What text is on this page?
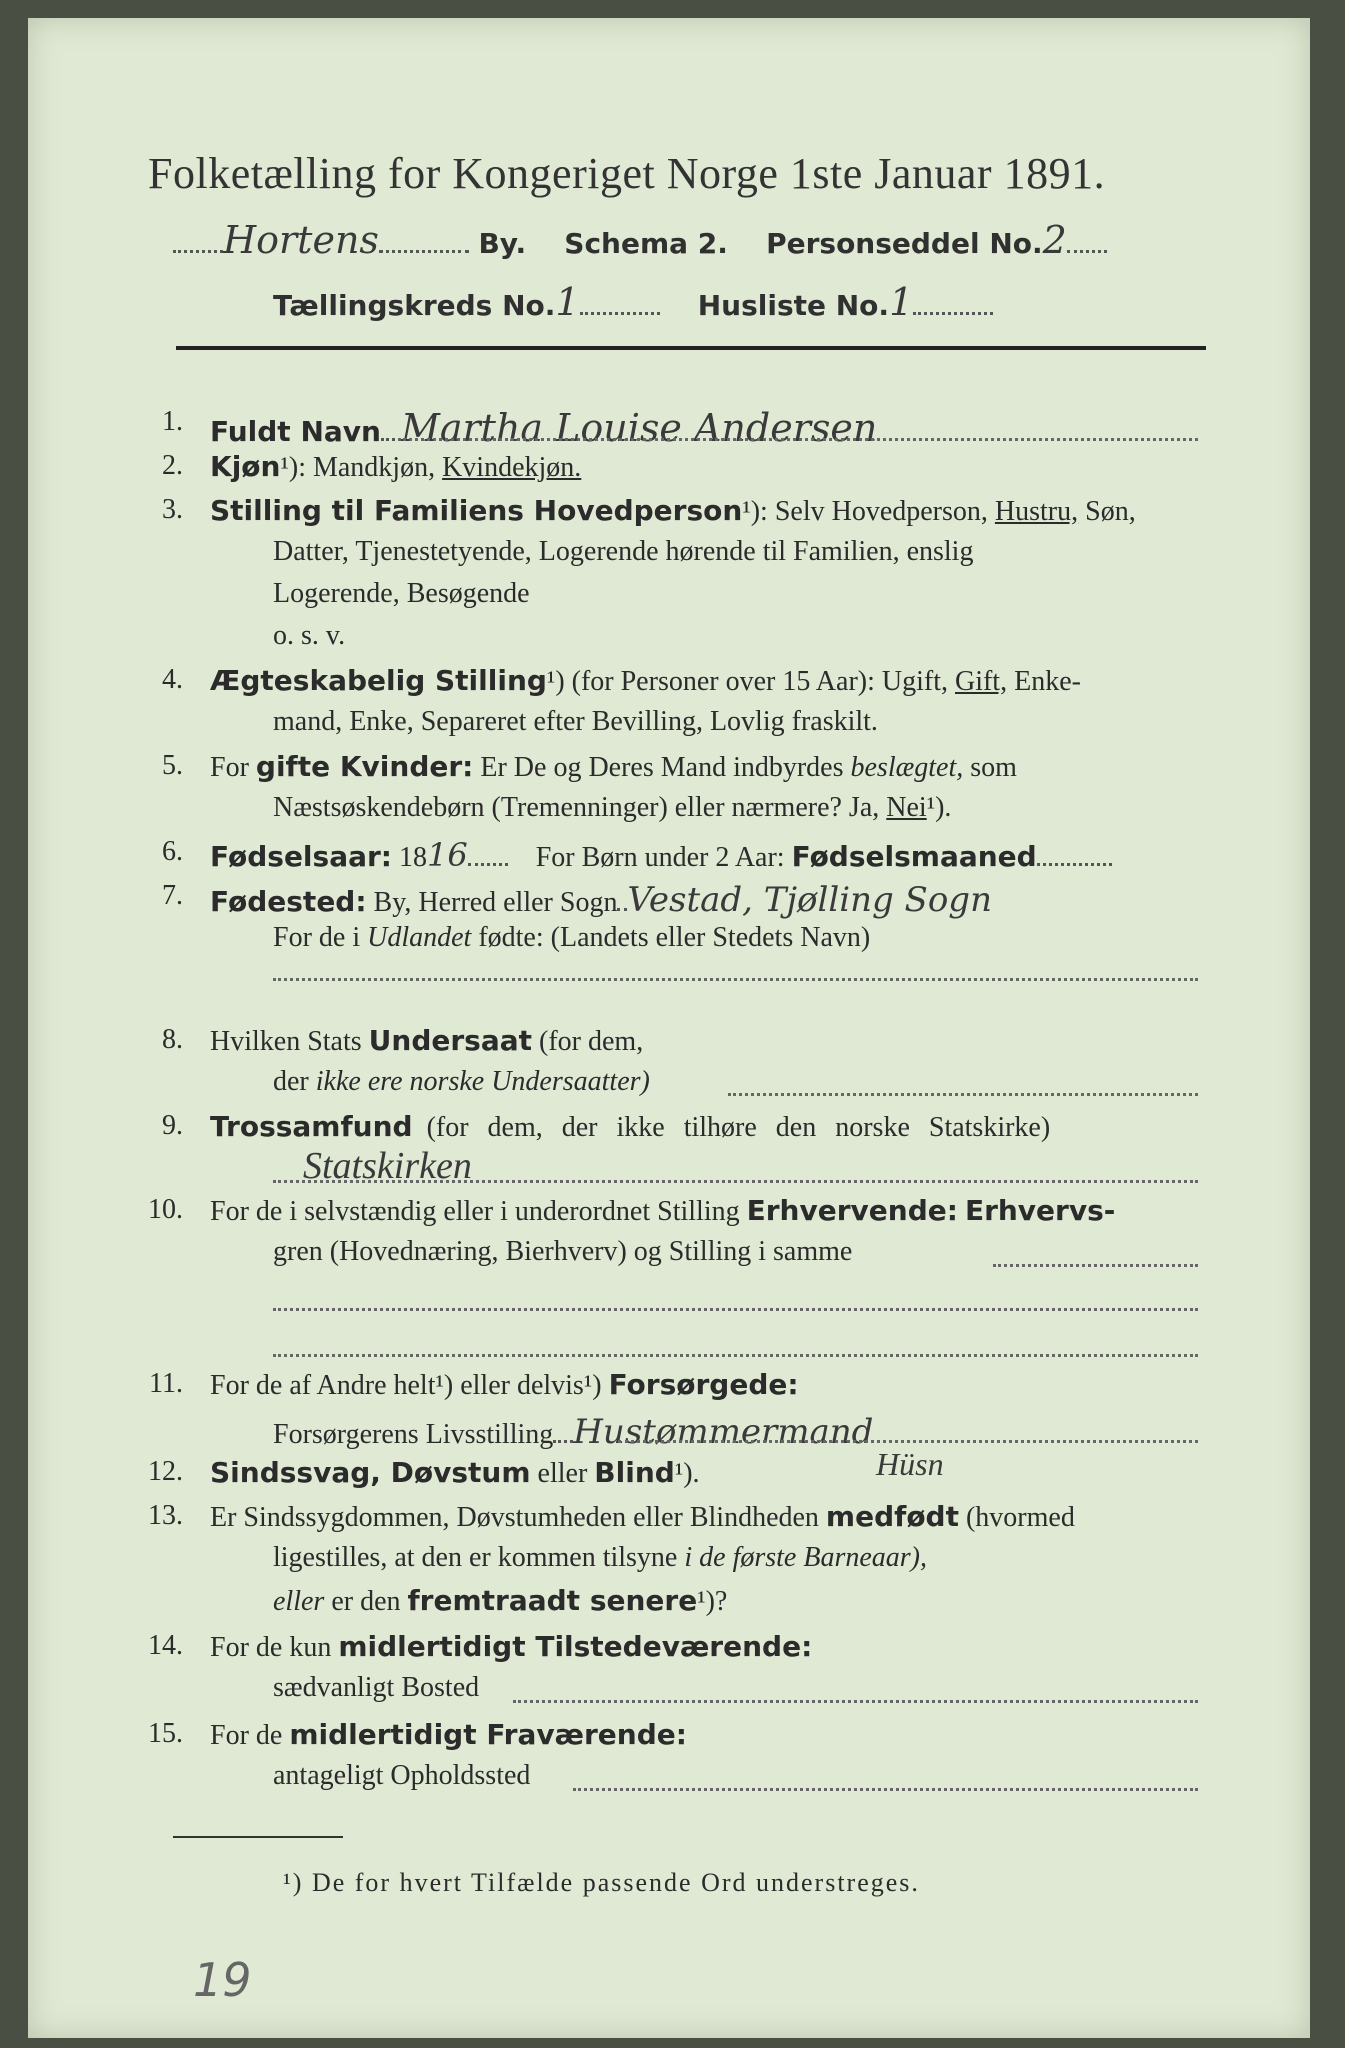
Folketælling for Kongeriget Norge 1ste Januar 1891.
Hortens	By. Schema 2. Personseddel No.2
Tællingskreds No.1	Husliste No.1
1. Fuldt Navn Martha Louise Andersen
2. Kjøn¹): Mandkjøn, Kvindekjøn.
3. Stilling til Familiens Hovedperson¹): Selv Hovedperson, Hustru, Søn,
Datter, Tjenestetyende, Logerende hørende til Familien, enslig
Logerende, Besøgende
o. s. v.
4. Ægteskabelig Stilling¹) (for Personer over 15 Aar): Ugift, Gift, Enke-
mand, Enke, Separeret efter Bevilling, Lovlig fraskilt.
5. For gifte Kvinder: Er De og Deres Mand indbyrdes beslægtet, som
Næstsøskendebørn (Tremenninger) eller nærmere? Ja, Nei¹).
6. Fødselsaar: 1816 For Børn under 2 Aar: Fødselsmaaned
7. Fødested: By, Herred eller Sogn Vestad, Tjølling Sogn
For de i Udlandet fødte: (Landets eller Stedets Navn)
8. Hvilken Stats Undersaat (for dem,
der ikke ere norske Undersaatter)
9. Trossamfund (for dem, der ikke tilhøre den norske Statskirke)
Statskirken
10. For de i selvstændig eller i underordnet Stilling Erhvervende: Erhvervs-
gren (Hovednæring, Bierhverv) og Stilling i samme
11. For de af Andre helt¹) eller delvis¹) Forsørgede:
Forsørgerens Livsstilling Hustømmermand
12. Sindssvag, Døvstum eller Blind¹).	Hüsn
13. Er Sindssygdommen, Døvstumheden eller Blindheden medfødt (hvormed
ligestilles, at den er kommen tilsyne i de første Barneaar),
eller er den fremtraadt senere¹)?
14. For de kun midlertidigt Tilstedeværende:
sædvanligt Bosted
15. For de midlertidigt Fraværende:
antageligt Opholdssted
¹) De for hvert Tilfælde passende Ord understreges.
19
